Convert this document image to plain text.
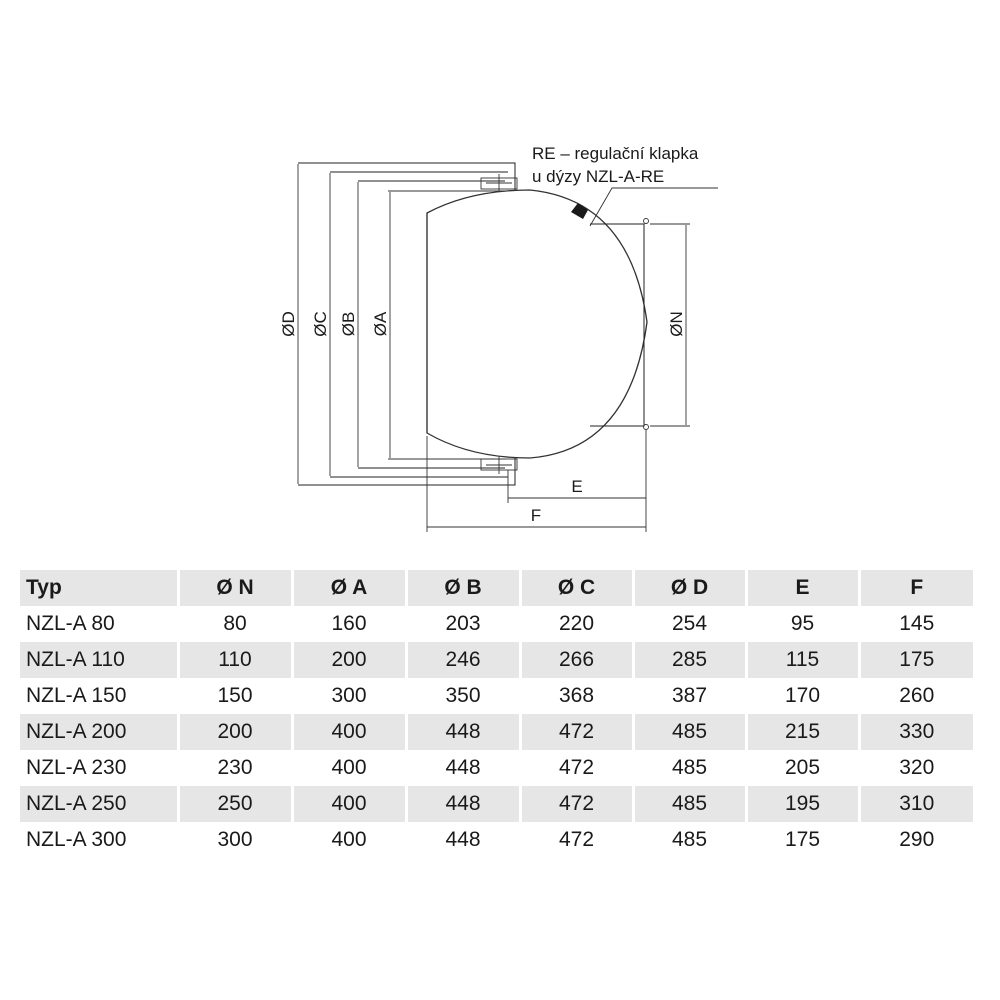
RE – regulační klapka
u dýzy NZL-A-RE
ØD ØC ØB ØA	ØN
E
F
Typ	Ø N	Ø A	Ø B	Ø C	Ø D	E	F
NZL-A 80	80	160	203	220	254	95	145
NZL-A 110	110	200	246	266	285	115	175
NZL-A 150	150	300	350	368	387	170	260
NZL-A 200	200	400	448	472	485	215	330
NZL-A 230	230	400	448	472	485	205	320
NZL-A 250	250	400	448	472	485	195	310
NZL-A 300	300	400	448	472	485	175	290
